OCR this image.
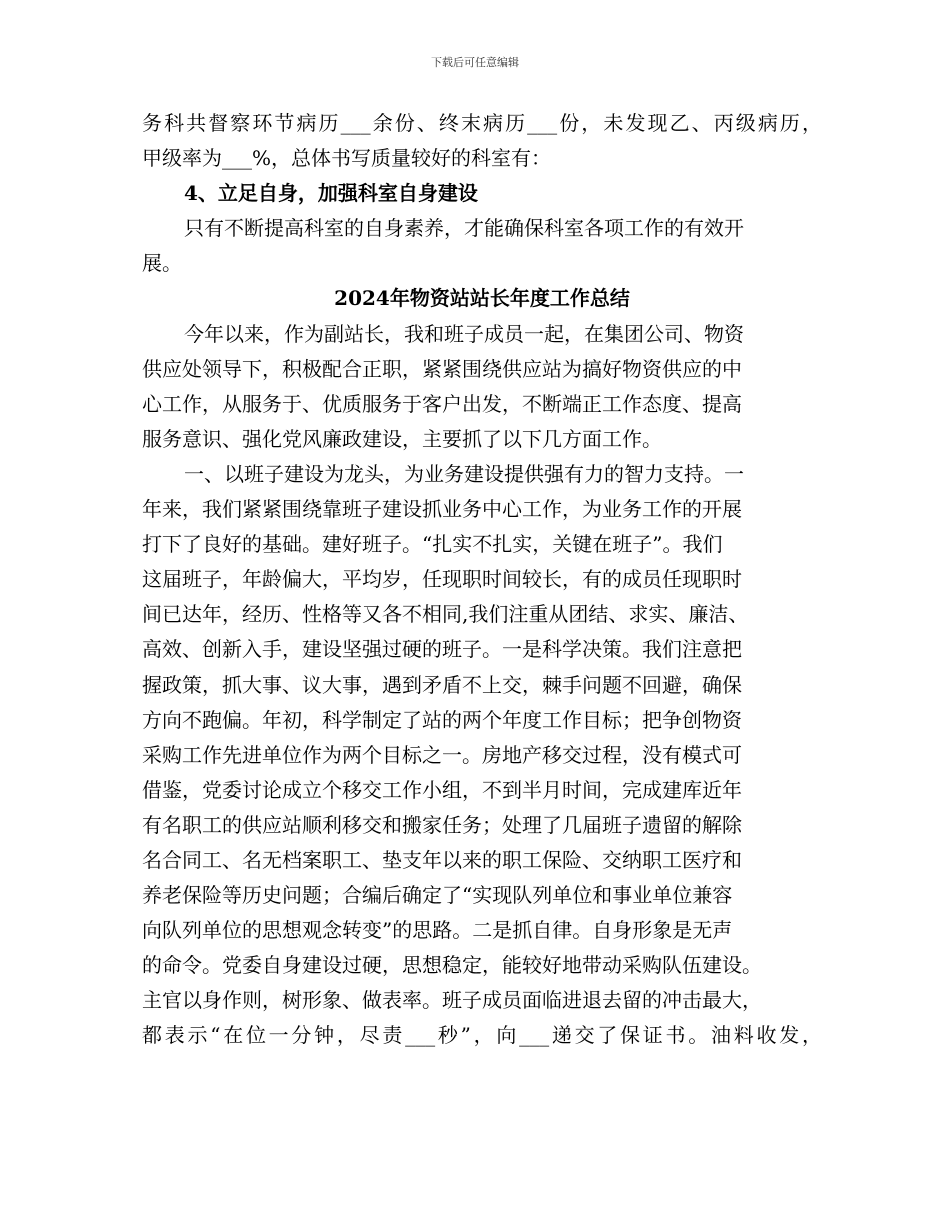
下载后可任意编辑
务科共督察环节病历___余份、终末病历___份，未发现乙、丙级病历，
甲级率为___%，总体书写质量较好的科室有：
4、立足自身，加强科室自身建设
只有不断提高科室的自身素养，才能确保科室各项工作的有效开
展。
2024年物资站站长年度工作总结
今年以来，作为副站长，我和班子成员一起，在集团公司、物资
供应处领导下，积极配合正职，紧紧围绕供应站为搞好物资供应的中
心工作，从服务于、优质服务于客户出发，不断端正工作态度、提高
服务意识、强化党风廉政建设，主要抓了以下几方面工作。
一、以班子建设为龙头，为业务建设提供强有力的智力支持。一
年来，我们紧紧围绕靠班子建设抓业务中心工作，为业务工作的开展
打下了良好的基础。建好班子。“扎实不扎实，关键在班子”。我们
这届班子，年龄偏大，平均岁，任现职时间较长，有的成员任现职时
间已达年，经历、性格等又各不相同,我们注重从团结、求实、廉洁、
高效、创新入手，建设坚强过硬的班子。一是科学决策。我们注意把
握政策，抓大事、议大事，遇到矛盾不上交，棘手问题不回避，确保
方向不跑偏。年初，科学制定了站的两个年度工作目标；把争创物资
采购工作先进单位作为两个目标之一。房地产移交过程，没有模式可
借鉴，党委讨论成立个移交工作小组，不到半月时间，完成建库近年
有名职工的供应站顺利移交和搬家任务；处理了几届班子遗留的解除
名合同工、名无档案职工、垫支年以来的职工保险、交纳职工医疗和
养老保险等历史问题；合编后确定了“实现队列单位和事业单位兼容
向队列单位的思想观念转变”的思路。二是抓自律。自身形象是无声
的命令。党委自身建设过硬，思想稳定，能较好地带动采购队伍建设。
主官以身作则，树形象、做表率。班子成员面临进退去留的冲击最大，
都表示“在位一分钟，尽责___秒”，向___递交了保证书。油料收发，
